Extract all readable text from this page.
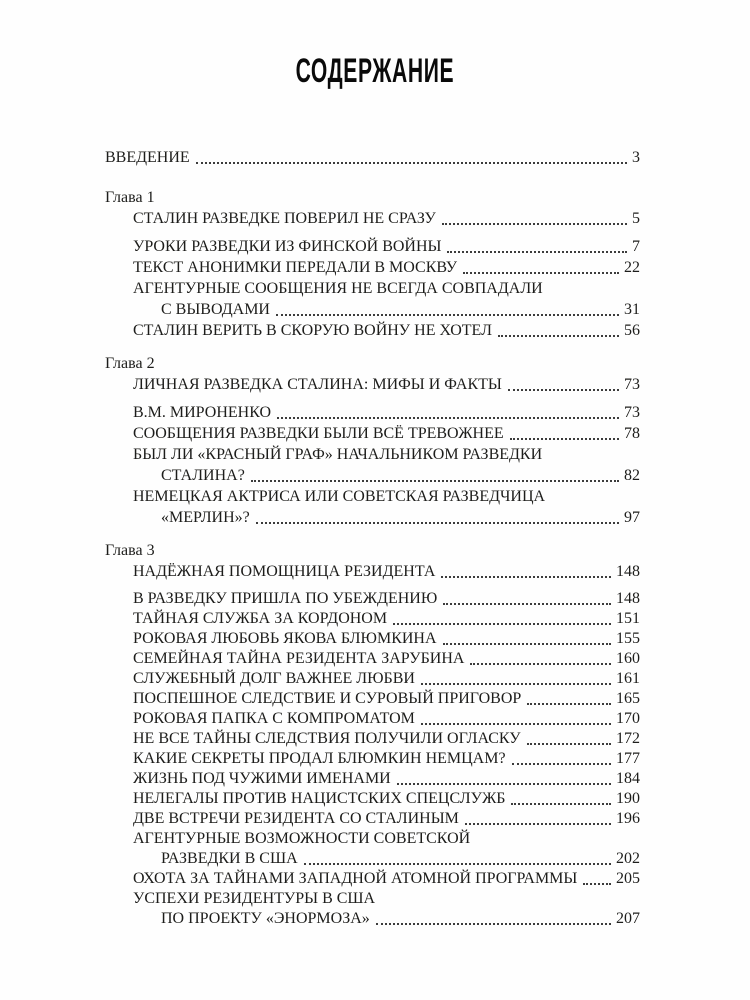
СОДЕРЖАНИЕ
ВВЕДЕНИЕ	3
Глава 1
СТАЛИН РАЗВЕДКЕ ПОВЕРИЛ НЕ СРАЗУ	5
УРОКИ РАЗВЕДКИ ИЗ ФИНСКОЙ ВОЙНЫ	7
ТЕКСТ АНОНИМКИ ПЕРЕДАЛИ В МОСКВУ	22
АГЕНТУРНЫЕ СООБЩЕНИЯ НЕ ВСЕГДА СОВПАДАЛИ
С ВЫВОДАМИ	31
СТАЛИН ВЕРИТЬ В СКОРУЮ ВОЙНУ НЕ ХОТЕЛ	56
Глава 2
ЛИЧНАЯ РАЗВЕДКА СТАЛИНА: МИФЫ И ФАКТЫ	73
В.М. МИРОНЕНКО	73
СООБЩЕНИЯ РАЗВЕДКИ БЫЛИ ВСЁ ТРЕВОЖНЕЕ	78
БЫЛ ЛИ «КРАСНЫЙ ГРАФ» НАЧАЛЬНИКОМ РАЗВЕДКИ
СТАЛИНА?	82
НЕМЕЦКАЯ АКТРИСА ИЛИ СОВЕТСКАЯ РАЗВЕДЧИЦА
«МЕРЛИН»?	97
Глава 3
НАДЁЖНАЯ ПОМОЩНИЦА РЕЗИДЕНТА	148
В РАЗВЕДКУ ПРИШЛА ПО УБЕЖДЕНИЮ	148
ТАЙНАЯ СЛУЖБА ЗА КОРДОНОМ	151
РОКОВАЯ ЛЮБОВЬ ЯКОВА БЛЮМКИНА	155
СЕМЕЙНАЯ ТАЙНА РЕЗИДЕНТА ЗАРУБИНА	160
СЛУЖЕБНЫЙ ДОЛГ ВАЖНЕЕ ЛЮБВИ	161
ПОСПЕШНОЕ СЛЕДСТВИЕ И СУРОВЫЙ ПРИГОВОР	165
РОКОВАЯ ПАПКА С КОМПРОМАТОМ	170
НЕ ВСЕ ТАЙНЫ СЛЕДСТВИЯ ПОЛУЧИЛИ ОГЛАСКУ	172
КАКИЕ СЕКРЕТЫ ПРОДАЛ БЛЮМКИН НЕМЦАМ?	177
ЖИЗНЬ ПОД ЧУЖИМИ ИМЕНАМИ	184
НЕЛЕГАЛЫ ПРОТИВ НАЦИСТСКИХ СПЕЦСЛУЖБ	190
ДВЕ ВСТРЕЧИ РЕЗИДЕНТА СО СТАЛИНЫМ	196
АГЕНТУРНЫЕ ВОЗМОЖНОСТИ СОВЕТСКОЙ
РАЗВЕДКИ В США	202
ОХОТА ЗА ТАЙНАМИ ЗАПАДНОЙ АТОМНОЙ ПРОГРАММЫ 205
УСПЕХИ РЕЗИДЕНТУРЫ В США
ПО ПРОЕКТУ «ЭНОРМОЗА»	207
